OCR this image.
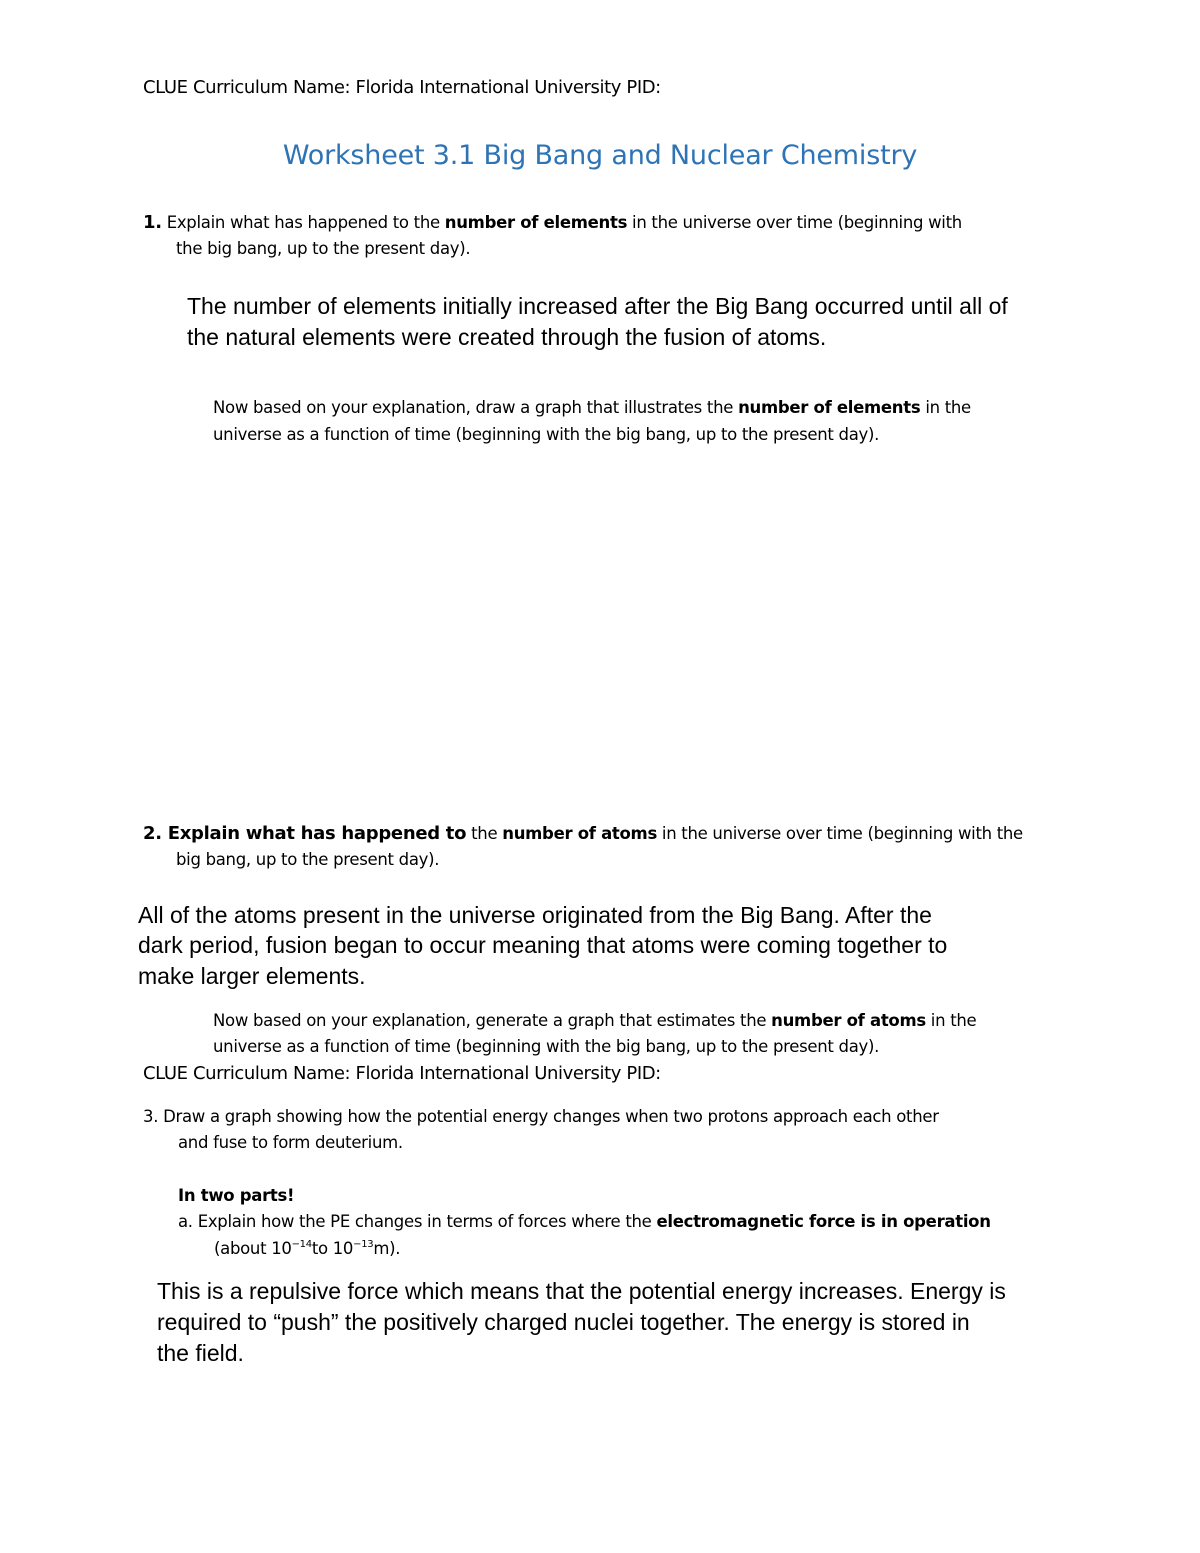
CLUE Curriculum Name: Florida International University PID:
Worksheet 3.1 Big Bang and Nuclear Chemistry
1. Explain what has happened to the number of elements in the universe over time (beginning with
the big bang, up to the present day).
The number of elements initially increased after the Big Bang occurred until all of
the natural elements were created through the fusion of atoms.
Now based on your explanation, draw a graph that illustrates the number of elements in the
universe as a function of time (beginning with the big bang, up to the present day).
2. Explain what has happened to the number of atoms in the universe over time (beginning with the
big bang, up to the present day).
All of the atoms present in the universe originated from the Big Bang. After the
dark period, fusion began to occur meaning that atoms were coming together to
make larger elements.
Now based on your explanation, generate a graph that estimates the number of atoms in the
universe as a function of time (beginning with the big bang, up to the present day).
CLUE Curriculum Name: Florida International University PID:
3. Draw a graph showing how the potential energy changes when two protons approach each other
and fuse to form deuterium.
In two parts!
a. Explain how the PE changes in terms of forces where the electromagnetic force is in operation
(about $10^{-14}to$ $10^{-13}m$).
This is a repulsive force which means that the potential energy increases. Energy is
required to “push” the positively charged nuclei together. The energy is stored in
the field.
